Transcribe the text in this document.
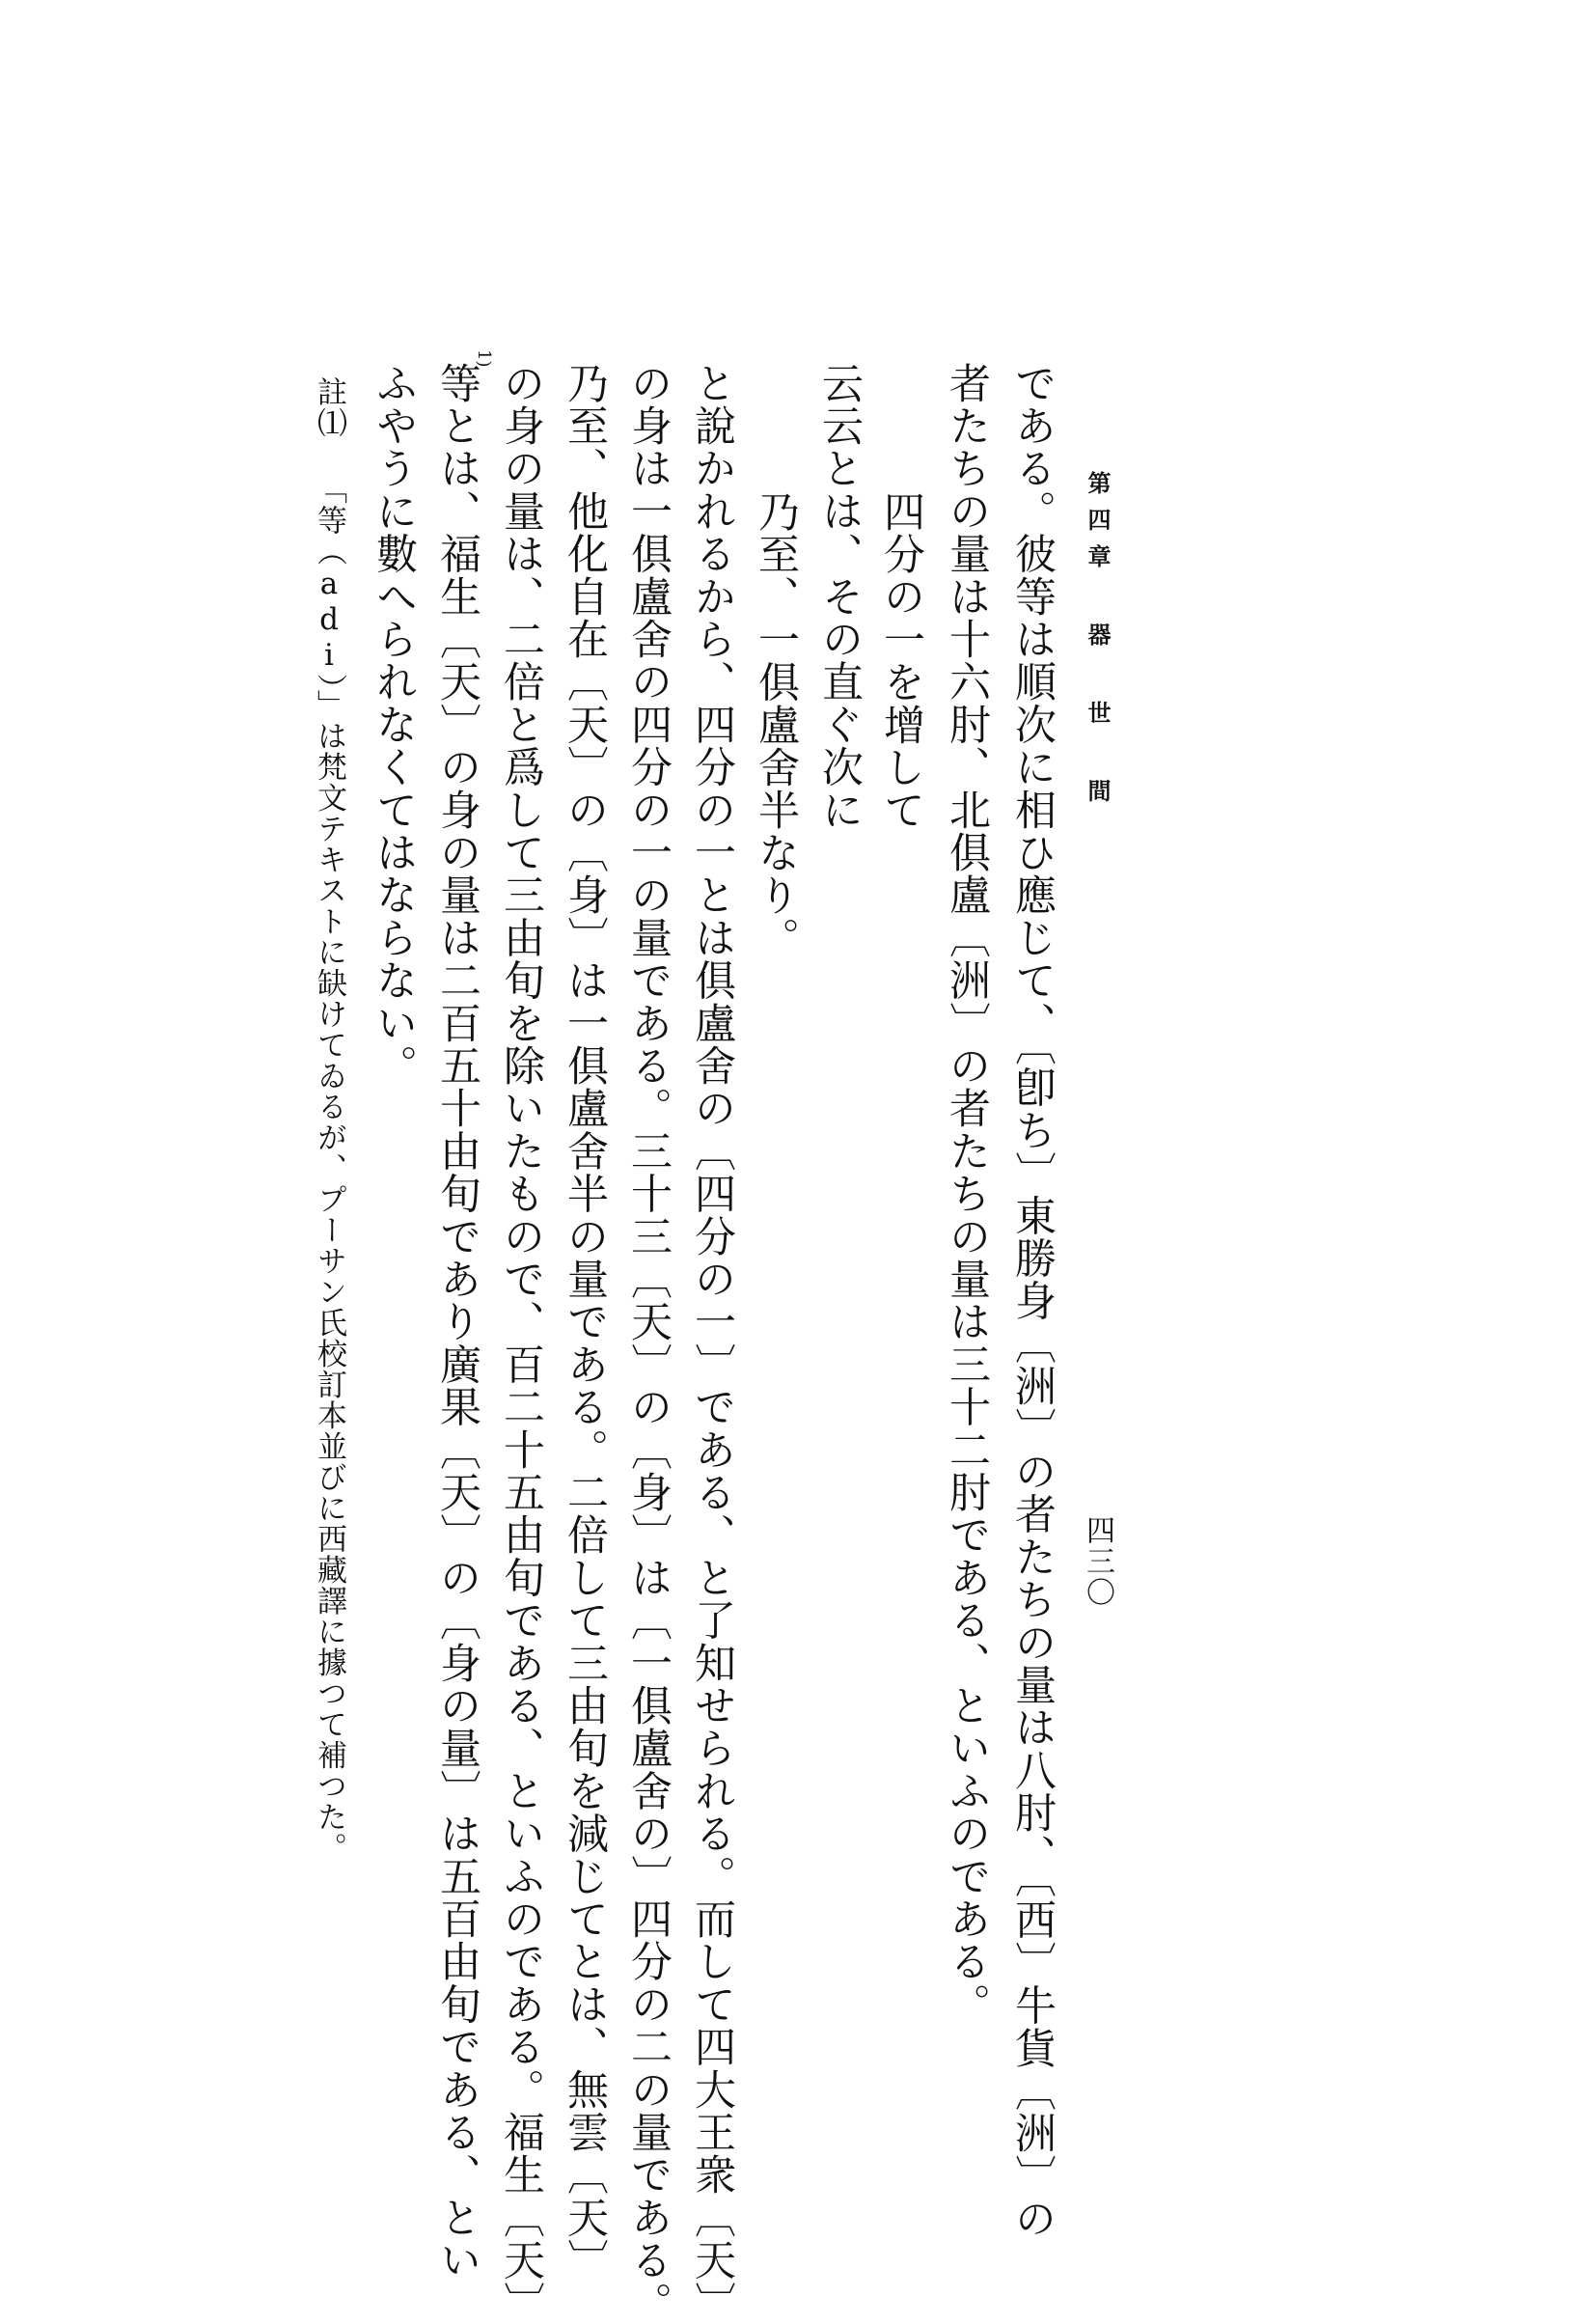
第四章 器 世 間
四三〇
である。彼等は順次に相ひ應じて、〔卽ち〕東勝身〔洲〕の者たちの量は八肘、〔西〕牛貨〔洲〕の
者たちの量は十六肘、北俱盧〔洲〕の者たちの量は三十二肘である、といふのである。
四分の一を增して
云云とは、その直ぐ次に
乃至、一俱盧舍半なり。
と說かれるから、四分の一とは俱盧舍の〔四分の一〕である、と了知せられる。而して四大王衆〔天〕
の身は一俱盧舍の四分の一の量である。三十三〔天〕の〔身〕は〔一俱盧舍の〕四分の二の量である。
乃至、他化自在〔天〕の〔身〕は一俱盧舍半の量である。二倍して三由旬を減じてとは、無雲〔天〕
の身の量は、二倍と爲して三由旬を除いたもので、百二十五由旬である、といふのである。福生〔天〕
等とは、福生〔天〕の身の量は二百五十由旬であり廣果〔天〕の〔身の量〕は五百由旬である、とい
ふやうに數へられなくてはならない。
1)
註⑴ 「等（adi）」は梵文テキストに缺けてゐるが、プーサン氏校訂本並びに西藏譯に據つて補つた。
